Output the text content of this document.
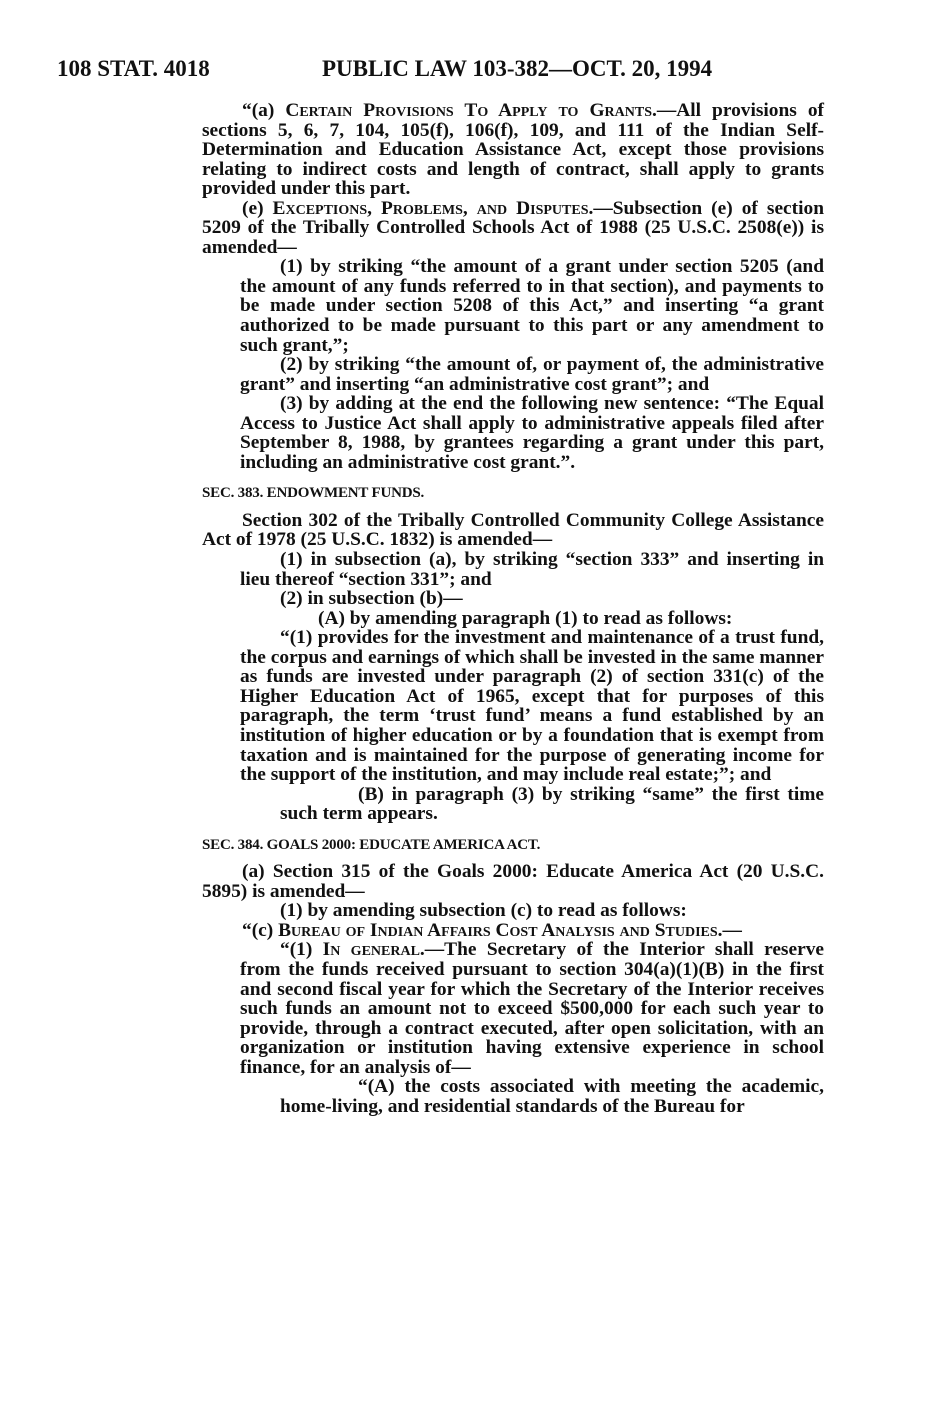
108 STAT. 4018	PUBLIC LAW 103-382—OCT. 20, 1994

“(a) Certain Provisions To Apply to Grants.—All provisions of sections 5, 6, 7, 104, 105(f), 106(f), 109, and 111 of the Indian Self-Determination and Education Assistance Act, except those provisions relating to indirect costs and length of contract, shall apply to grants provided under this part.

(e) Exceptions, Problems, and Disputes.—Subsection (e) of section 5209 of the Tribally Controlled Schools Act of 1988 (25 U.S.C. 2508(e)) is amended—

(1) by striking “the amount of a grant under section 5205 (and the amount of any funds referred to in that section), and payments to be made under section 5208 of this Act,” and inserting “a grant authorized to be made pursuant to this part or any amendment to such grant,”;

(2) by striking “the amount of, or payment of, the administrative grant” and inserting “an administrative cost grant”; and

(3) by adding at the end the following new sentence: “The Equal Access to Justice Act shall apply to administrative appeals filed after September 8, 1988, by grantees regarding a grant under this part, including an administrative cost grant.”.

SEC. 383. ENDOWMENT FUNDS.

Section 302 of the Tribally Controlled Community College Assistance Act of 1978 (25 U.S.C. 1832) is amended—

(1) in subsection (a), by striking “section 333” and inserting in lieu thereof “section 331”; and

(2) in subsection (b)—

(A) by amending paragraph (1) to read as follows:

“(1) provides for the investment and maintenance of a trust fund, the corpus and earnings of which shall be invested in the same manner as funds are invested under paragraph (2) of section 331(c) of the Higher Education Act of 1965, except that for purposes of this paragraph, the term ‘trust fund’ means a fund established by an institution of higher education or by a foundation that is exempt from taxation and is maintained for the purpose of generating income for the support of the institution, and may include real estate;”; and

(B) in paragraph (3) by striking “same” the first time such term appears.

SEC. 384. GOALS 2000: EDUCATE AMERICA ACT.

(a) Section 315 of the Goals 2000: Educate America Act (20 U.S.C. 5895) is amended—

(1) by amending subsection (c) to read as follows:

“(c) Bureau of Indian Affairs Cost Analysis and Studies.—

“(1) In general.—The Secretary of the Interior shall reserve from the funds received pursuant to section 304(a)(1)(B) in the first and second fiscal year for which the Secretary of the Interior receives such funds an amount not to exceed $500,000 for each such year to provide, through a contract executed, after open solicitation, with an organization or institution having extensive experience in school finance, for an analysis of—

“(A) the costs associated with meeting the academic, home-living, and residential standards of the Bureau for
